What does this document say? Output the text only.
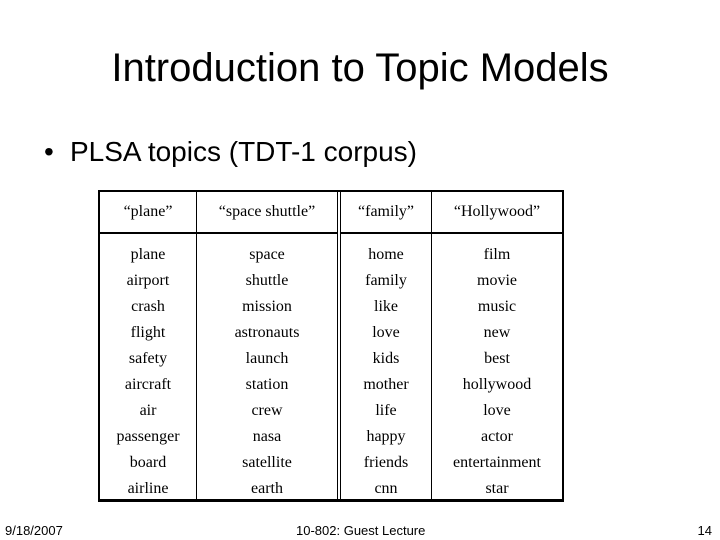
Introduction to Topic Models
• PLSA topics (TDT-1 corpus)
“plane”	“space shuttle”	“family”	“Hollywood”
plane	space	home	film
airport	shuttle	family	movie
crash	mission	like	music
flight	astronauts	love	new
safety	launch	kids	best
aircraft	station	mother	hollywood
air	crew	life	love
passenger	nasa	happy	actor
board	satellite	friends	entertainment
airline	earth	cnn	star
9/18/2007	10-802: Guest Lecture	14
